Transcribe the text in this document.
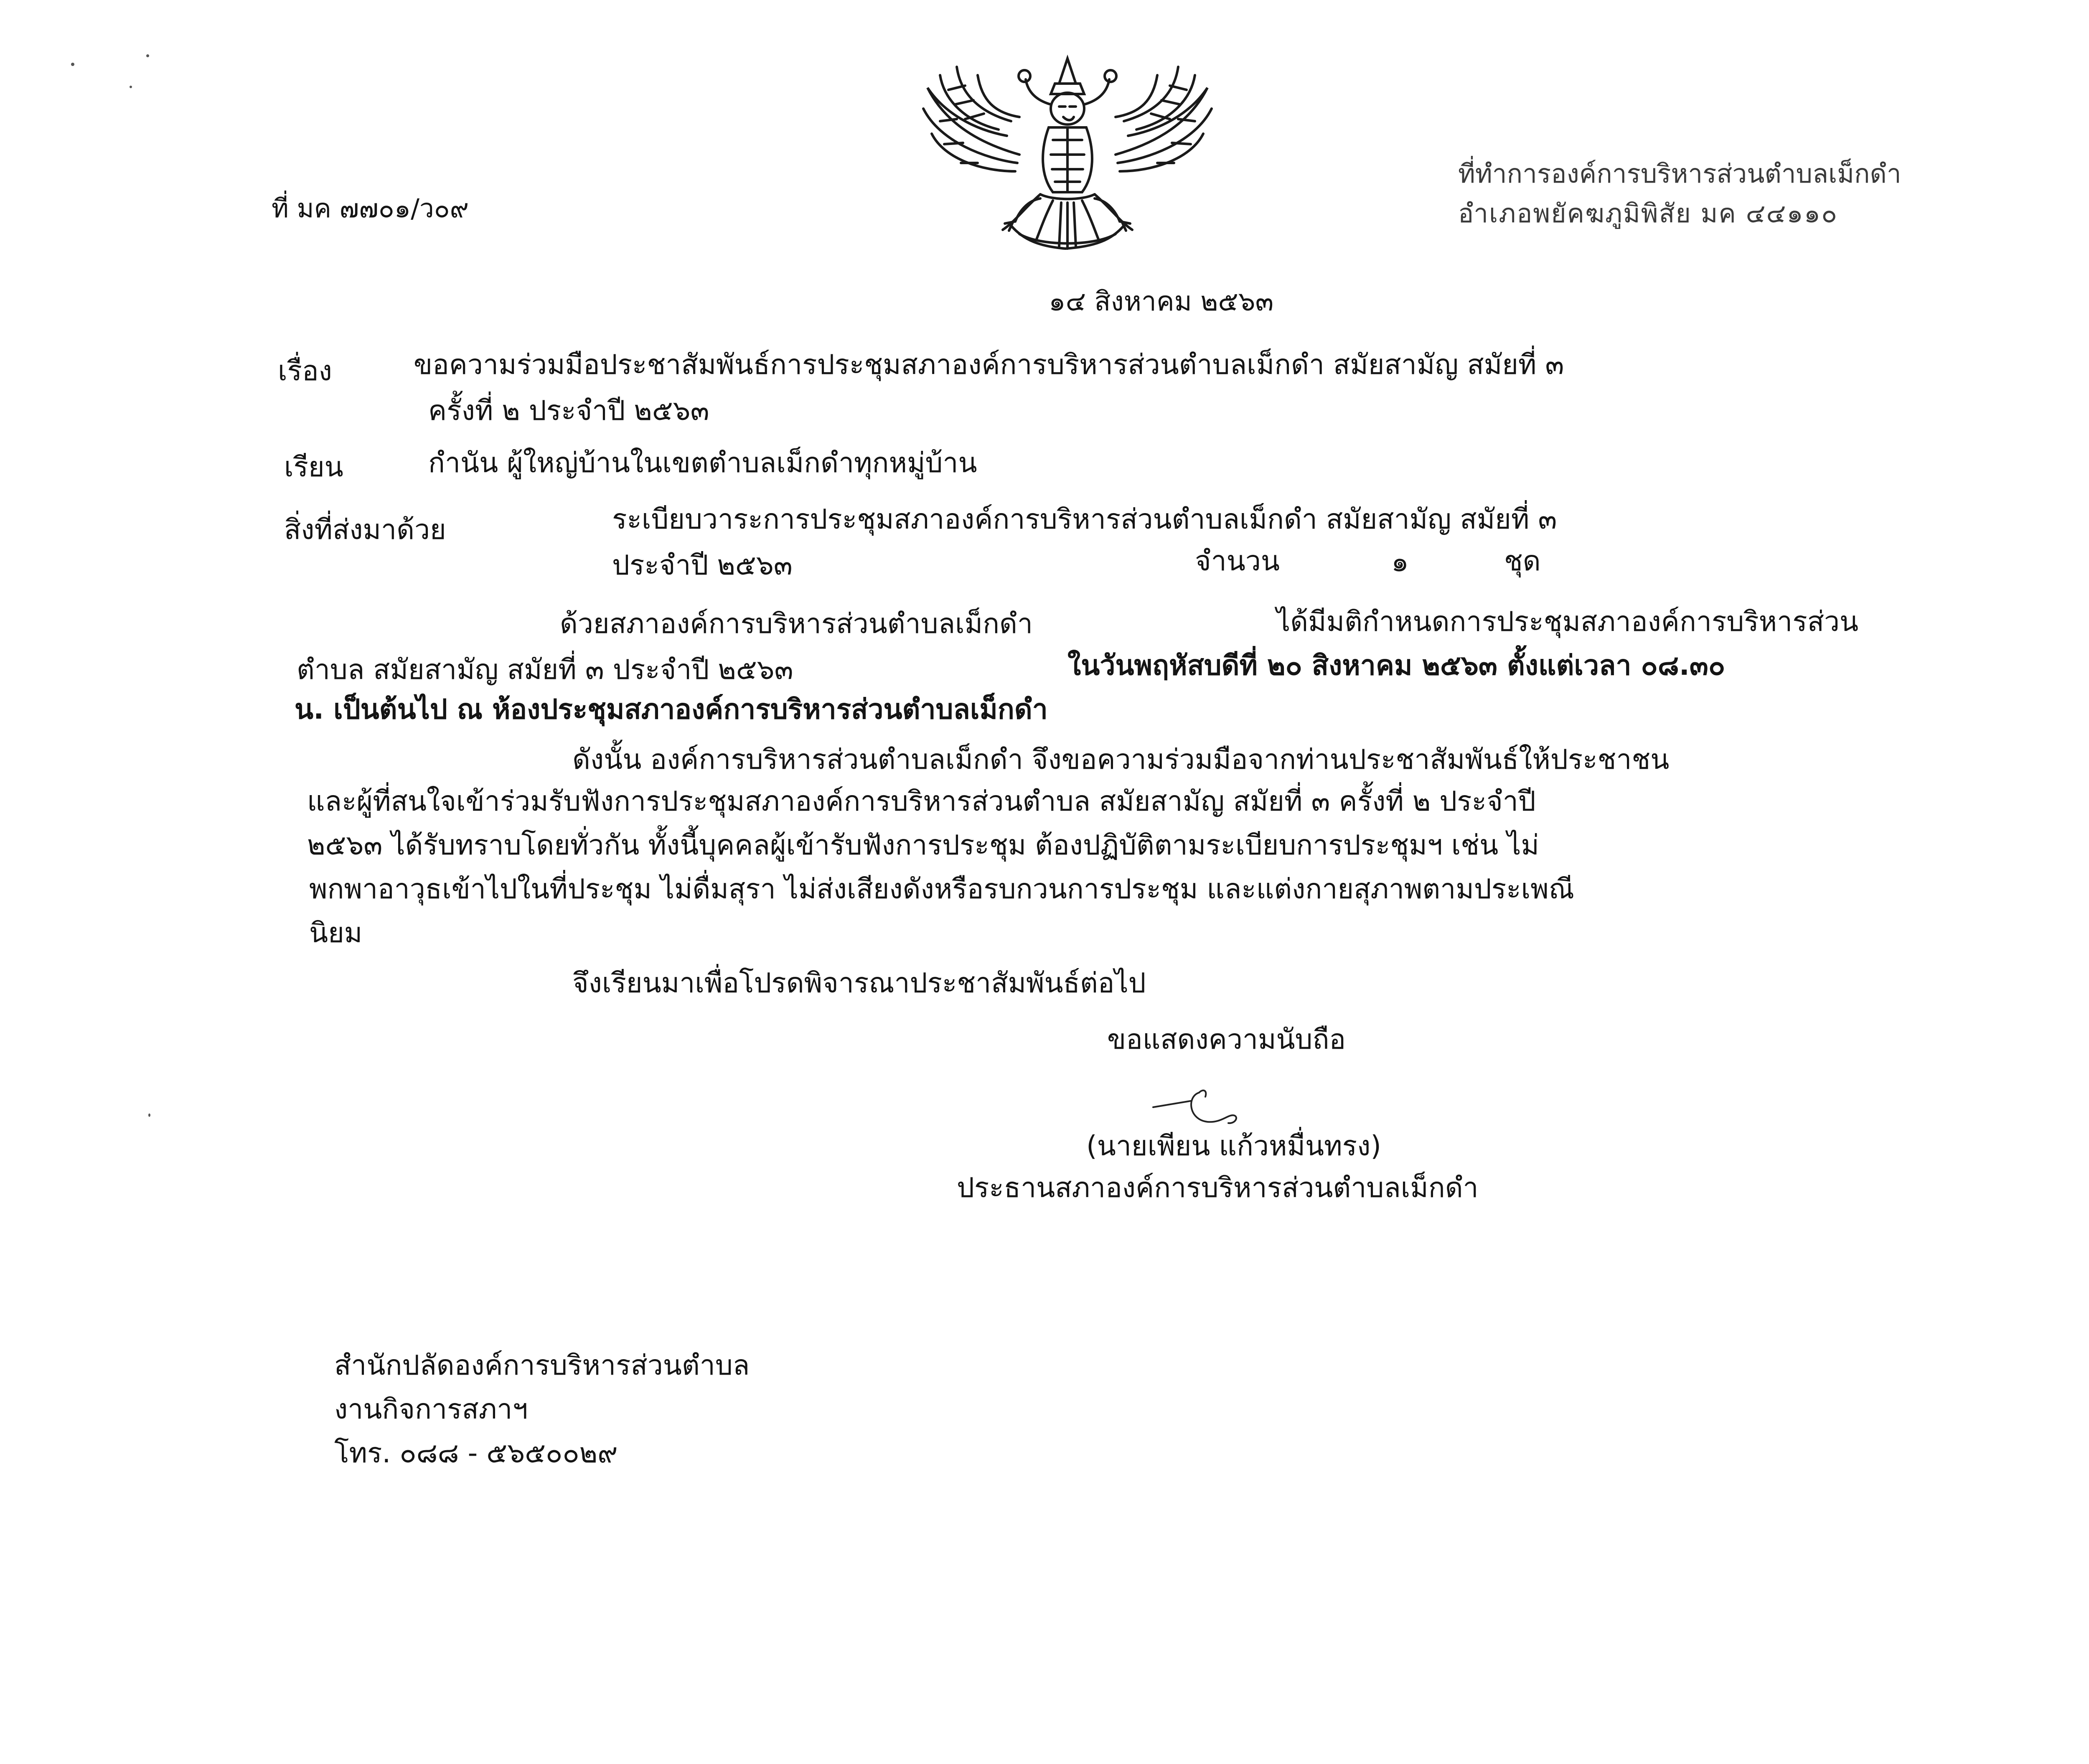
ที่ มค ๗๗๐๑/ว๐๙
ที่ทำการองค์การบริหารส่วนตำบลเม็กดำ
อำเภอพยัคฆภูมิพิสัย มค ๔๔๑๑๐
๑๔ สิงหาคม ๒๕๖๓
เรื่อง	ขอความร่วมมือประชาสัมพันธ์การประชุมสภาองค์การบริหารส่วนตำบลเม็กดำ สมัยสามัญ สมัยที่ ๓
ครั้งที่ ๒ ประจำปี ๒๕๖๓
เรียน	กำนัน ผู้ใหญ่บ้านในเขตตำบลเม็กดำทุกหมู่บ้าน
สิ่งที่ส่งมาด้วย	ระเบียบวาระการประชุมสภาองค์การบริหารส่วนตำบลเม็กดำ สมัยสามัญ สมัยที่ ๓
ประจำปี ๒๕๖๓	จำนวน	๑	ชุด
ด้วยสภาองค์การบริหารส่วนตำบลเม็กดำ	ได้มีมติกำหนดการประชุมสภาองค์การบริหารส่วน
ตำบล สมัยสามัญ สมัยที่ ๓ ประจำปี ๒๕๖๓	ในวันพฤหัสบดีที่ ๒๐ สิงหาคม ๒๕๖๓ ตั้งแต่เวลา ๐๘.๓๐
น. เป็นต้นไป ณ ห้องประชุมสภาองค์การบริหารส่วนตำบลเม็กดำ
ดังนั้น องค์การบริหารส่วนตำบลเม็กดำ จึงขอความร่วมมือจากท่านประชาสัมพันธ์ให้ประชาชน
และผู้ที่สนใจเข้าร่วมรับฟังการประชุมสภาองค์การบริหารส่วนตำบล สมัยสามัญ สมัยที่ ๓ ครั้งที่ ๒ ประจำปี
๒๕๖๓ ได้รับทราบโดยทั่วกัน ทั้งนี้บุคคลผู้เข้ารับฟังการประชุม ต้องปฏิบัติตามระเบียบการประชุมฯ เช่น ไม่
พกพาอาวุธเข้าไปในที่ประชุม ไม่ดื่มสุรา ไม่ส่งเสียงดังหรือรบกวนการประชุม และแต่งกายสุภาพตามประเพณี
นิยม
จึงเรียนมาเพื่อโปรดพิจารณาประชาสัมพันธ์ต่อไป
ขอแสดงความนับถือ
(นายเพียน แก้วหมื่นทรง)
ประธานสภาองค์การบริหารส่วนตำบลเม็กดำ
สำนักปลัดองค์การบริหารส่วนตำบล
งานกิจการสภาฯ
โทร. ๐๘๘ - ๕๖๕๐๐๒๙
